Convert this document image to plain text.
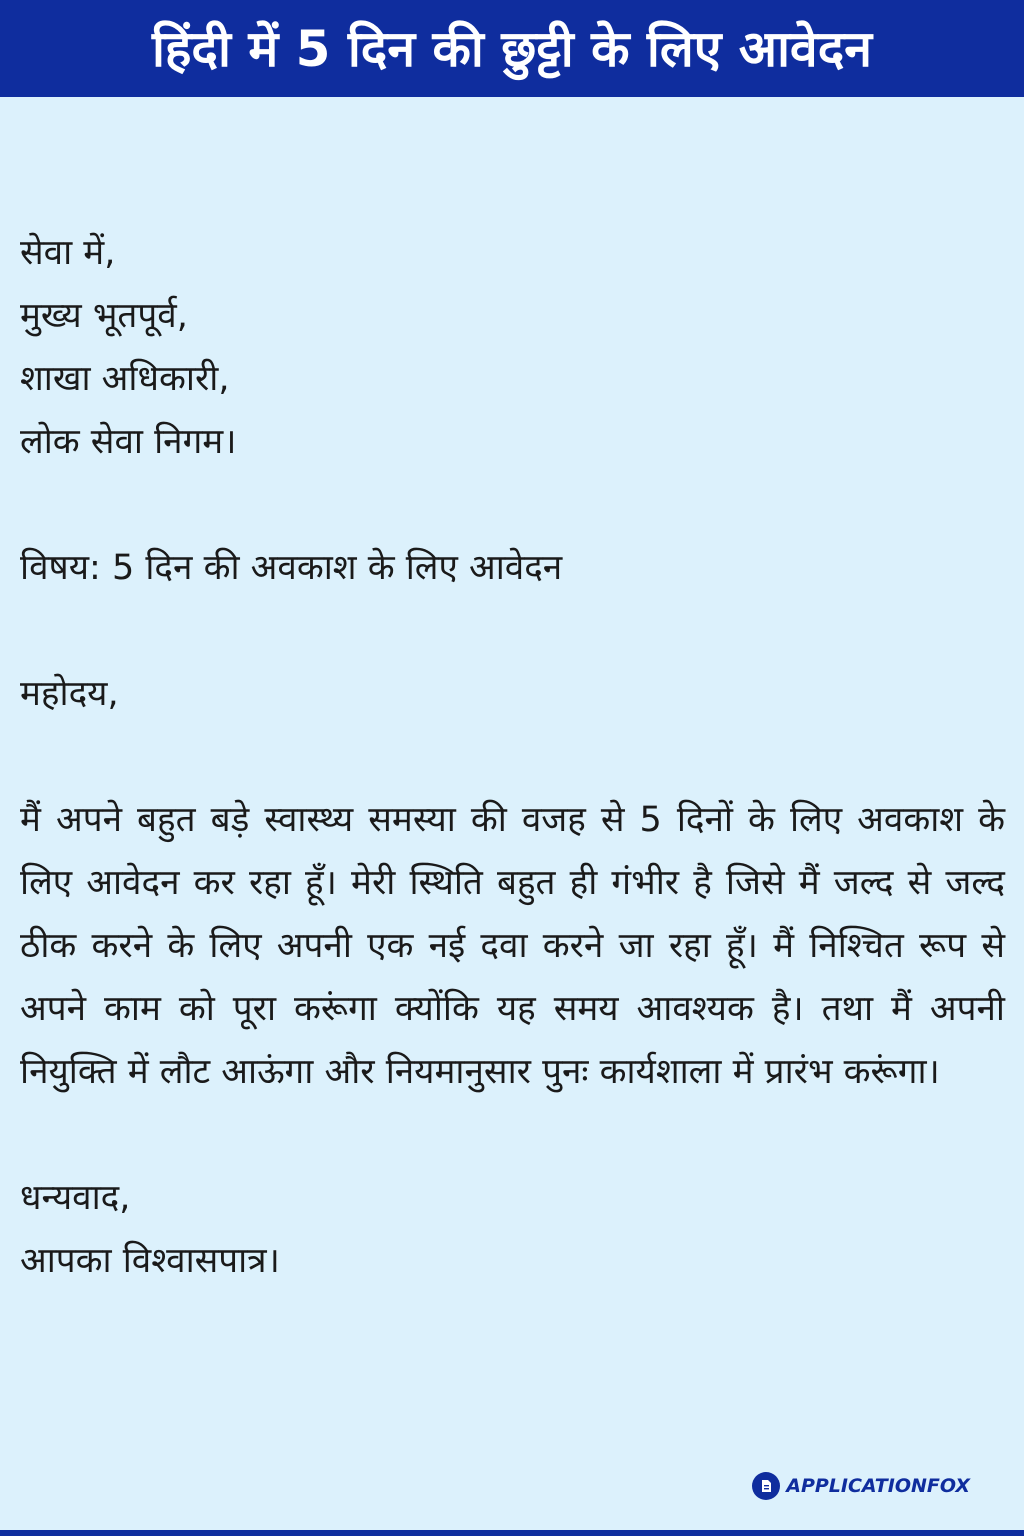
हिंदी में 5 दिन की छुट्टी के लिए आवेदन
सेवा में,
मुख्य भूतपूर्व,
शाखा अधिकारी,
लोक सेवा निगम।
विषय: 5 दिन की अवकाश के लिए आवेदन
महोदय,
मैं अपने बहुत बड़े स्वास्थ्य समस्या की वजह से 5 दिनों के लिए अवकाश के लिए आवेदन कर रहा हूँ। मेरी स्थिति बहुत ही गंभीर है जिसे मैं जल्द से जल्द ठीक करने के लिए अपनी एक नई दवा करने जा रहा हूँ। मैं निश्चित रूप से अपने काम को पूरा करूंगा क्योंकि यह समय आवश्यक है। तथा मैं अपनी नियुक्ति में लौट आऊंगा और नियमानुसार पुनः कार्यशाला में प्रारंभ करूंगा।
धन्यवाद,
आपका विश्वासपात्र।
APPLICATIONFOX
